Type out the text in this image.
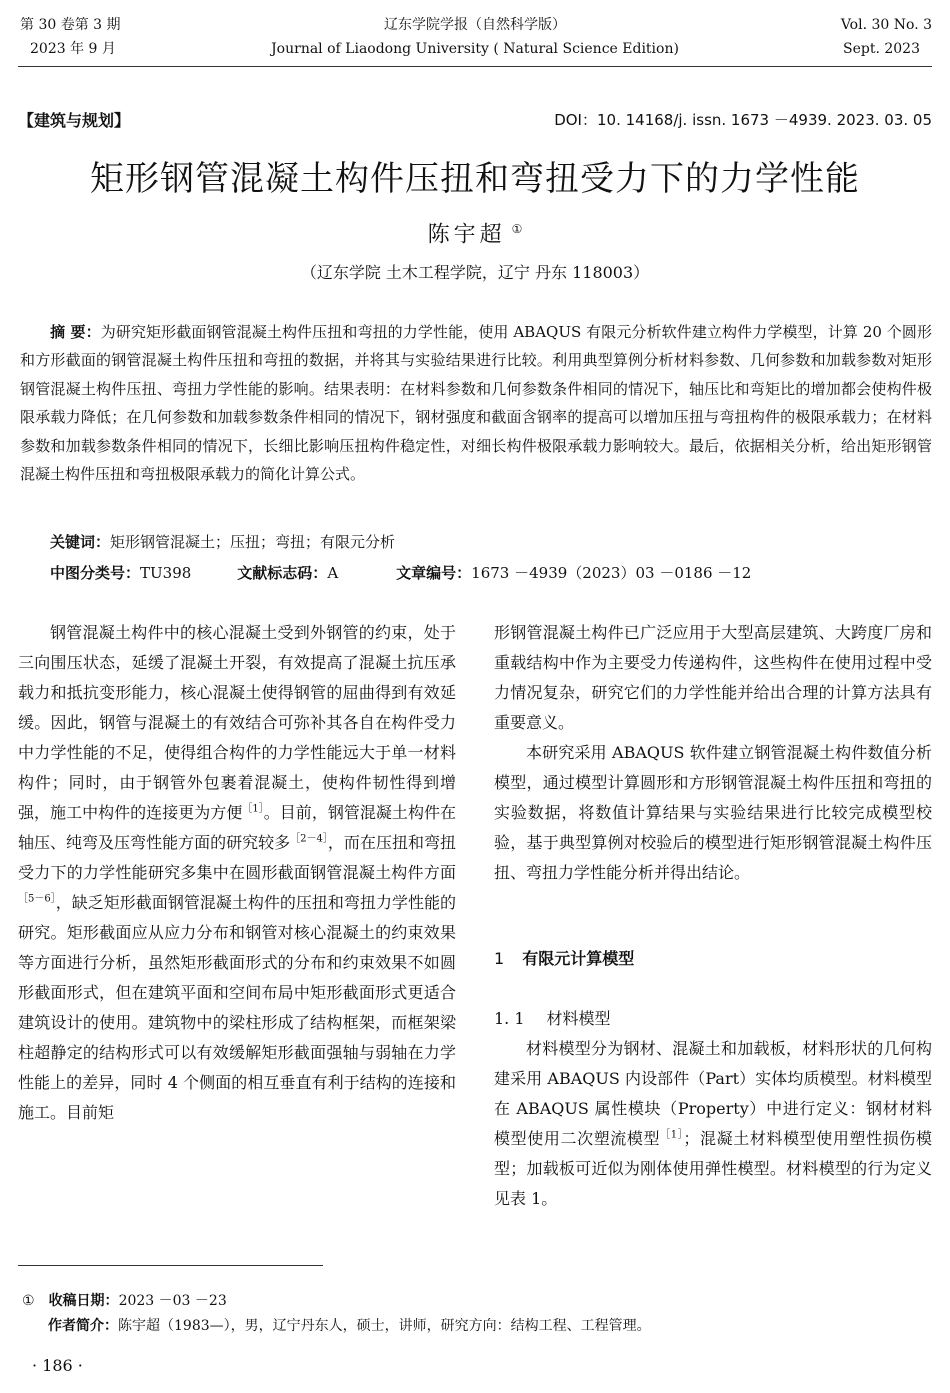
第 30 卷第 3 期
2023 年 9 月
辽东学院学报（自然科学版）
Journal of Liaodong University ( Natural Science Edition)
Vol. 30 No. 3
Sept. 2023
【建筑与规划】	DOI：10. 14168/j. issn. 1673 －4939. 2023. 03. 05
矩形钢管混凝土构件压扭和弯扭受力下的力学性能
陈宇超 ①
（辽东学院 土木工程学院，辽宁 丹东 118003）
摘 要：为研究矩形截面钢管混凝土构件压扭和弯扭的力学性能，使用 ABAQUS 有限元分析软件建立构件力学模型，计算 20 个圆形和方形截面的钢管混凝土构件压扭和弯扭的数据，并将其与实验结果进行比较。利用典型算例分析材料参数、几何参数和加载参数对矩形钢管混凝土构件压扭、弯扭力学性能的影响。结果表明：在材料参数和几何参数条件相同的情况下，轴压比和弯矩比的增加都会使构件极限承载力降低；在几何参数和加载参数条件相同的情况下，钢材强度和截面含钢率的提高可以增加压扭与弯扭构件的极限承载力；在材料参数和加载参数条件相同的情况下，长细比影响压扭构件稳定性，对细长构件极限承载力影响较大。最后，依据相关分析，给出矩形钢管混凝土构件压扭和弯扭极限承载力的简化计算公式。
关键词：矩形钢管混凝土；压扭；弯扭；有限元分析
中图分类号：TU398	文献标志码：A	文章编号：1673 －4939（2023）03 －0186 －12
钢管混凝土构件中的核心混凝土受到外钢管的约束，处于三向围压状态，延缓了混凝土开裂，有效提高了混凝土抗压承载力和抵抗变形能力，核心混凝土使得钢管的屈曲得到有效延缓。因此，钢管与混凝土的有效结合可弥补其各自在构件受力中力学性能的不足，使得组合构件的力学性能远大于单一材料构件；同时，由于钢管外包裹着混凝土，使构件韧性得到增强，施工中构件的连接更为方便$^{[1]}$。目前，钢管混凝土构件在轴压、纯弯及压弯性能方面的研究较多$^{[2-4]}$，而在压扭和弯扭受力下的力学性能研究多集中在圆形截面钢管混凝土构件方面$^{[5-6]}$，缺乏矩形截面钢管混凝土构件的压扭和弯扭力学性能的研究。矩形截面应从应力分布和钢管对核心混凝土的约束效果等方面进行分析，虽然矩形截面形式的分布和约束效果不如圆形截面形式，但在建筑平面和空间布局中矩形截面形式更适合建筑设计的使用。建筑物中的梁柱形成了结构框架，而框架梁柱超静定的结构形式可以有效缓解矩形截面强轴与弱轴在力学性能上的差异，同时 4 个侧面的相互垂直有利于结构的连接和施工。目前矩

形钢管混凝土构件已广泛应用于大型高层建筑、大跨度厂房和重载结构中作为主要受力传递构件，这些构件在使用过程中受力情况复杂，研究它们的力学性能并给出合理的计算方法具有重要意义。

本研究采用 ABAQUS 软件建立钢管混凝土构件数值分析模型，通过模型计算圆形和方形钢管混凝土构件压扭和弯扭的实验数据，将数值计算结果与实验结果进行比较完成模型校验，基于典型算例对校验后的模型进行矩形钢管混凝土构件压扭、弯扭力学性能分析并得出结论。

1 有限元计算模型
1. 1 材料模型
材料模型分为钢材、混凝土和加载板，材料形状的几何构建采用 ABAQUS 内设部件（Part）实体均质模型。材料模型在 ABAQUS 属性模块（Property）中进行定义：钢材材料模型使用二次塑流模型$^{[1]}$；混凝土材料模型使用塑性损伤模型；加载板可近似为刚体使用弹性模型。材料模型的行为定义见表 1。
① 收稿日期：2023 －03 －23
作者简介：陈宇超（1983—），男，辽宁丹东人，硕士，讲师，研究方向：结构工程、工程管理。
· 186 ·
